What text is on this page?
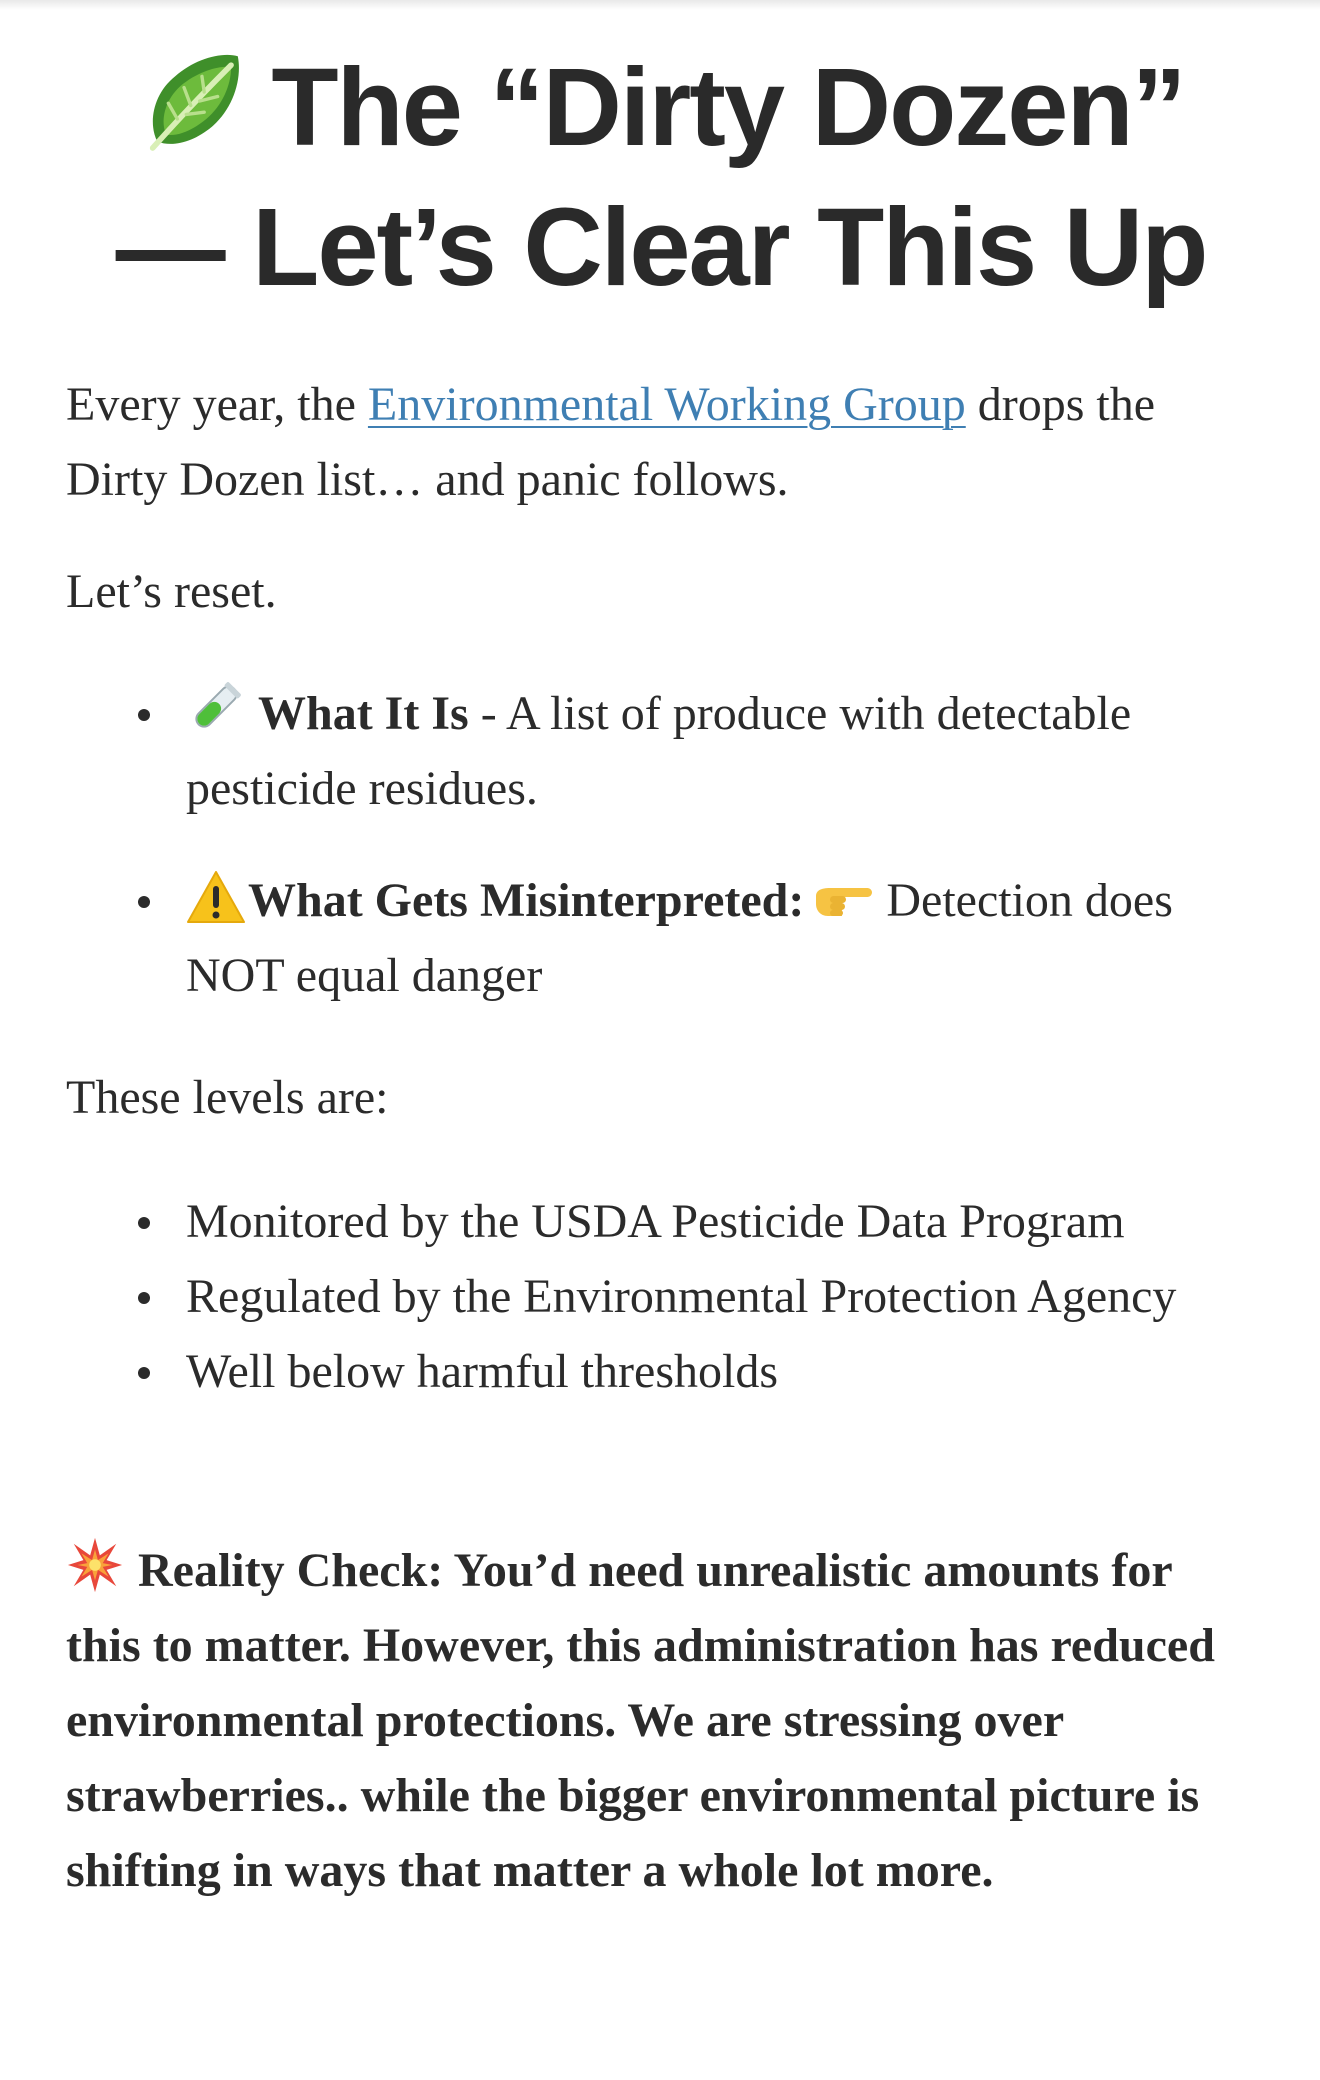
The “Dirty Dozen”
— Let’s Clear This Up

Every year, the Environmental Working Group drops the Dirty Dozen list… and panic follows.

Let’s reset.

What It Is - A list of produce with detectable pesticide residues.
What Gets Misinterpreted: Detection does NOT equal danger

These levels are:

Monitored by the USDA Pesticide Data Program
Regulated by the Environmental Protection Agency
Well below harmful thresholds

Reality Check: You’d need unrealistic amounts for this to matter. However, this administration has reduced environmental protections. We are stressing over strawberries.. while the bigger environmental picture is shifting in ways that matter a whole lot more.
